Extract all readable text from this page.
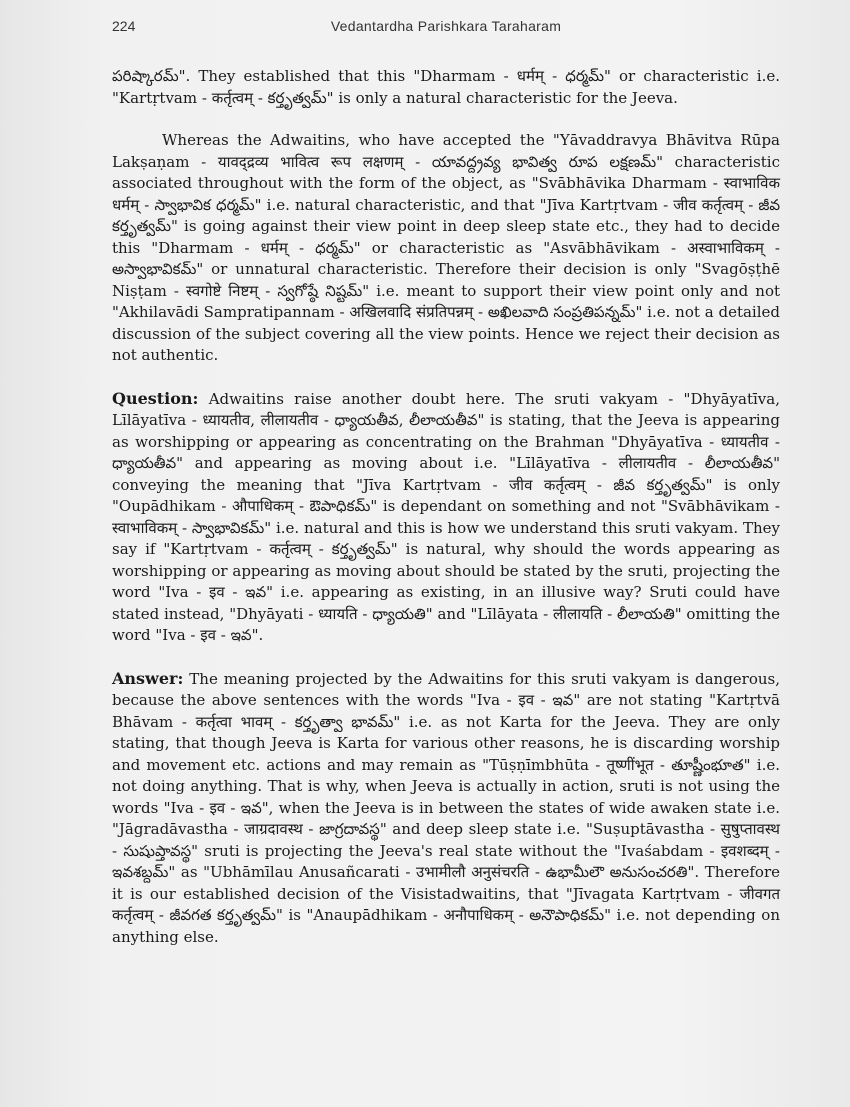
224	Vedantardha Parishkara Taraharam

పరిష్కారమ్". They established that this "Dharmam - धर्मम् - ధర్మమ్" or characteristic i.e. "Kartṛtvam - कर्तृत्वम् - కర్తృత్వమ్" is only a natural characteristic for the Jeeva.

Whereas the Adwaitins, who have accepted the "Yāvaddravya Bhāvitva Rūpa Lakṣaṇam - यावद्द्रव्य भावित्व रूप लक्षणम् - యావద్ద్రవ్య భావిత్వ రూప లక్షణమ్" characteristic associated throughout with the form of the object, as "Svābhāvika Dharmam - स्वाभाविक धर्मम् - స్వాభావిక ధర్మమ్" i.e. natural characteristic, and that "Jīva Kartṛtvam - जीव कर्तृत्वम् - జీవ కర్తృత్వమ్" is going against their view point in deep sleep state etc., they had to decide this "Dharmam - धर्मम् - ధర్మమ్" or characteristic as "Asvābhāvikam - अस्वाभाविकम् - అస్వాభావికమ్" or unnatural characteristic. Therefore their decision is only "Svagōṣṭhē Niṣṭam - स्वगोष्टे निष्टम् - స్వగోష్ఠే నిష్టమ్" i.e. meant to support their view point only and not "Akhilavādi Sampratipannam - अखिलवादि संप्रतिपन्नम् - అఖిలవాది సంప్రతిపన్నమ్" i.e. not a detailed discussion of the subject covering all the view points. Hence we reject their decision as not authentic.

Question: Adwaitins raise another doubt here. The sruti vakyam - "Dhyāyatīva, Līlāyatīva - ध्यायतीव, लीलायतीव - ధ్యాయతీవ, లీలాయతీవ" is stating, that the Jeeva is appearing as worshipping or appearing as concentrating on the Brahman "Dhyāyatīva - ध्यायतीव - ధ్యాయతీవ" and appearing as moving about i.e. "Līlāyatīva - लीलायतीव - లీలాయతీవ" conveying the meaning that "Jīva Kartṛtvam - जीव कर्तृत्वम् - జీవ కర్తృత్వమ్" is only "Oupādhikam - औपाधिकम् - ఔపాధికమ్" is dependant on something and not "Svābhāvikam - स्वाभाविकम् - స్వాభావికమ్" i.e. natural and this is how we understand this sruti vakyam. They say if "Kartṛtvam - कर्तृत्वम् - కర్తృత్వమ్" is natural, why should the words appearing as worshipping or appearing as moving about should be stated by the sruti, projecting the word "Iva - इव - ఇవ" i.e. appearing as existing, in an illusive way? Sruti could have stated instead, "Dhyāyati - ध्यायति - ధ్యాయతి" and "Līlāyata - लीलायति - లీలాయతి" omitting the word "Iva - इव - ఇవ".

Answer: The meaning projected by the Adwaitins for this sruti vakyam is dangerous, because the above sentences with the words "Iva - इव - ఇవ" are not stating "Kartṛtvā Bhāvam - कर्तृत्वा भावम् - కర్తృత్వా భావమ్" i.e. as not Karta for the Jeeva. They are only stating, that though Jeeva is Karta for various other reasons, he is discarding worship and movement etc. actions and may remain as "Tūṣṇīmbhūta - तूष्णींभूत - తూష్ణీంభూత" i.e. not doing anything. That is why, when Jeeva is actually in action, sruti is not using the words "Iva - इव - ఇవ", when the Jeeva is in between the states of wide awaken state i.e. "Jāgradāvastha - जाग्रदावस्थ - జాగ్రదావస్థ" and deep sleep state i.e. "Suṣuptāvastha - सुषुप्तावस्थ - సుషుప్తావస్థ" sruti is projecting the Jeeva's real state without the "Ivaśabdam - इवशब्दम् - ఇవశబ్దమ్" as "Ubhāmīlau Anusañcarati - उभामीलौ अनुसंचरति - ఉభామీలౌ అనుసంచరతి". Therefore it is our established decision of the Visistadwaitins, that "Jīvagata Kartṛtvam - जीवगत कर्तृत्वम् - జీవగత కర్తృత్వమ్" is "Anaupādhikam - अनौपाधिकम् - అనౌపాధికమ్" i.e. not depending on anything else.
